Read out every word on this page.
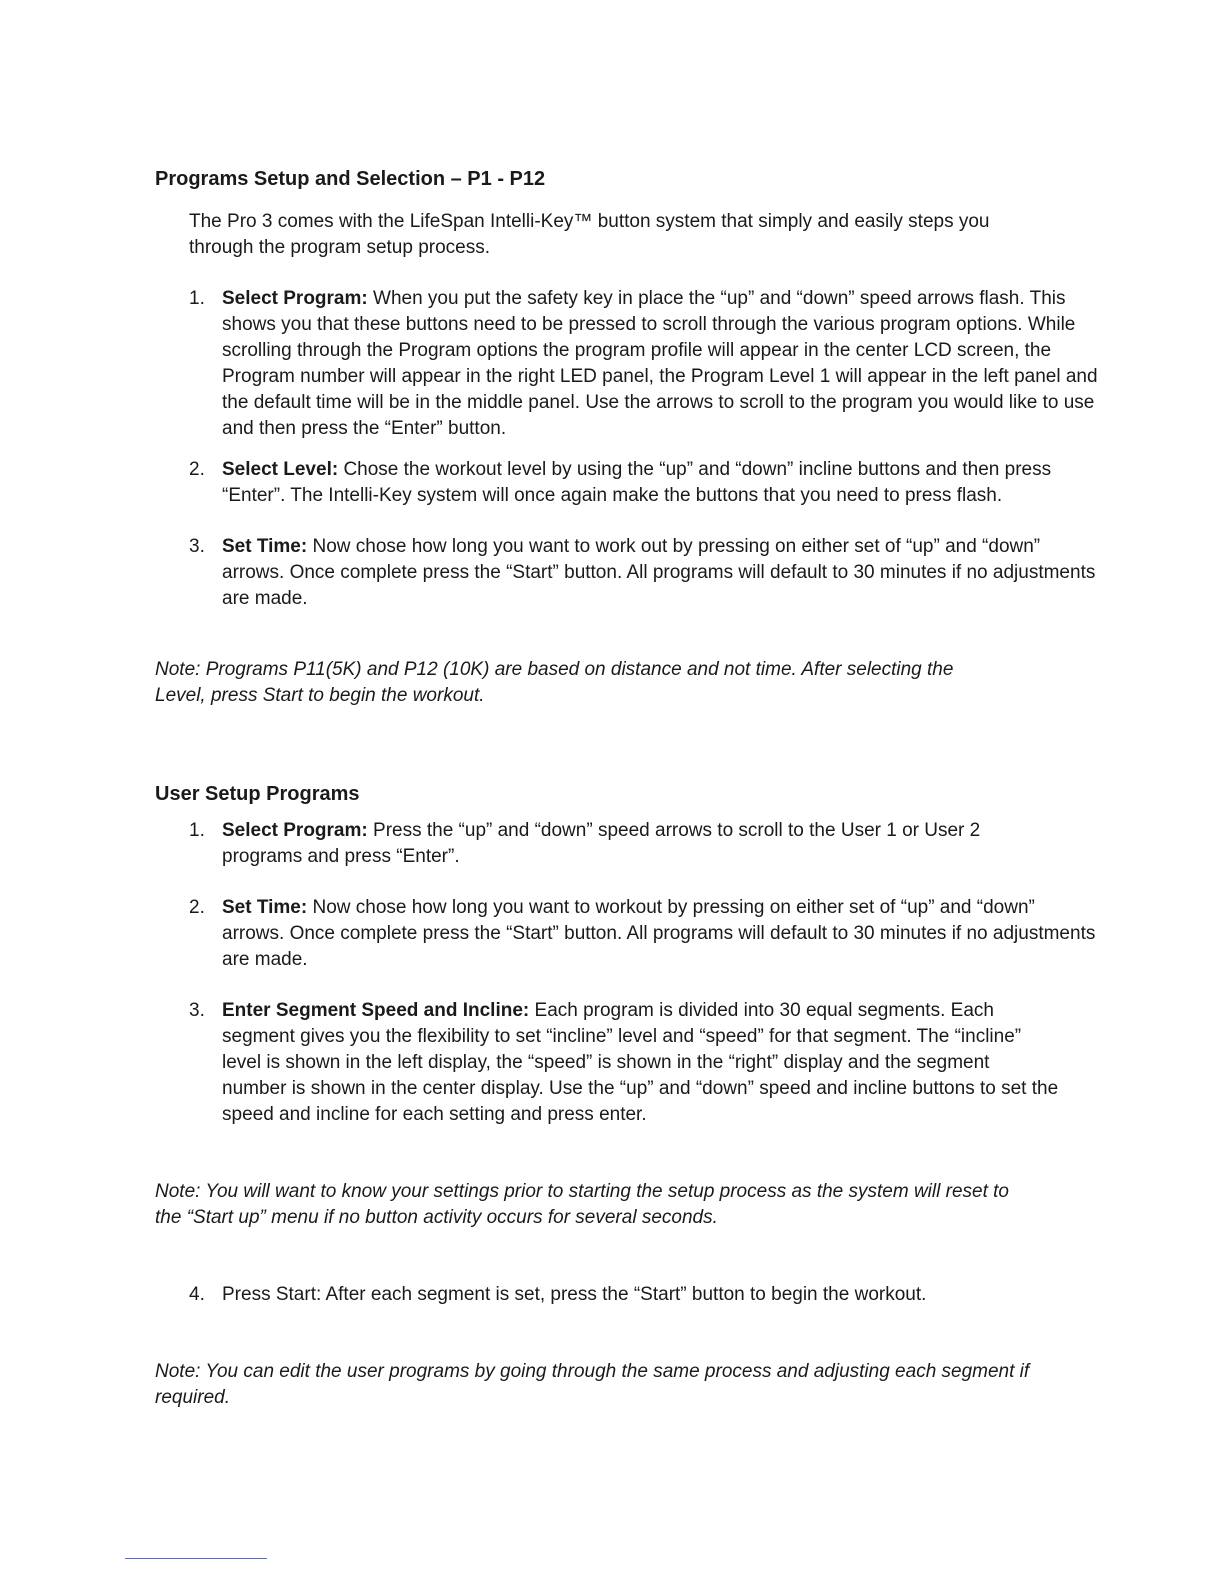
Programs Setup and Selection – P1 - P12

The Pro 3 comes with the LifeSpan Intelli-Key™ button system that simply and easily steps you through the program setup process.

1. Select Program: When you put the safety key in place the “up” and “down” speed arrows flash. This shows you that these buttons need to be pressed to scroll through the various program options. While scrolling through the Program options the program profile will appear in the center LCD screen, the Program number will appear in the right LED panel, the Program Level 1 will appear in the left panel and the default time will be in the middle panel. Use the arrows to scroll to the program you would like to use and then press the “Enter” button.
2. Select Level: Chose the workout level by using the “up” and “down” incline buttons and then press “Enter”. The Intelli-Key system will once again make the buttons that you need to press flash.
3. Set Time: Now chose how long you want to work out by pressing on either set of “up” and “down” arrows. Once complete press the “Start” button. All programs will default to 30 minutes if no adjustments are made.

Note: Programs P11(5K) and P12 (10K) are based on distance and not time. After selecting the Level, press Start to begin the workout.

User Setup Programs
1. Select Program: Press the “up” and “down” speed arrows to scroll to the User 1 or User 2 programs and press “Enter”.
2. Set Time: Now chose how long you want to workout by pressing on either set of “up” and “down” arrows. Once complete press the “Start” button. All programs will default to 30 minutes if no adjustments are made.
3. Enter Segment Speed and Incline: Each program is divided into 30 equal segments. Each segment gives you the flexibility to set “incline” level and “speed” for that segment. The “incline” level is shown in the left display, the “speed” is shown in the “right” display and the segment number is shown in the center display. Use the “up” and “down” speed and incline buttons to set the speed and incline for each setting and press enter.

Note: You will want to know your settings prior to starting the setup process as the system will reset to the “Start up” menu if no button activity occurs for several seconds.

4. Press Start: After each segment is set, press the “Start” button to begin the workout.

Note: You can edit the user programs by going through the same process and adjusting each segment if required.
